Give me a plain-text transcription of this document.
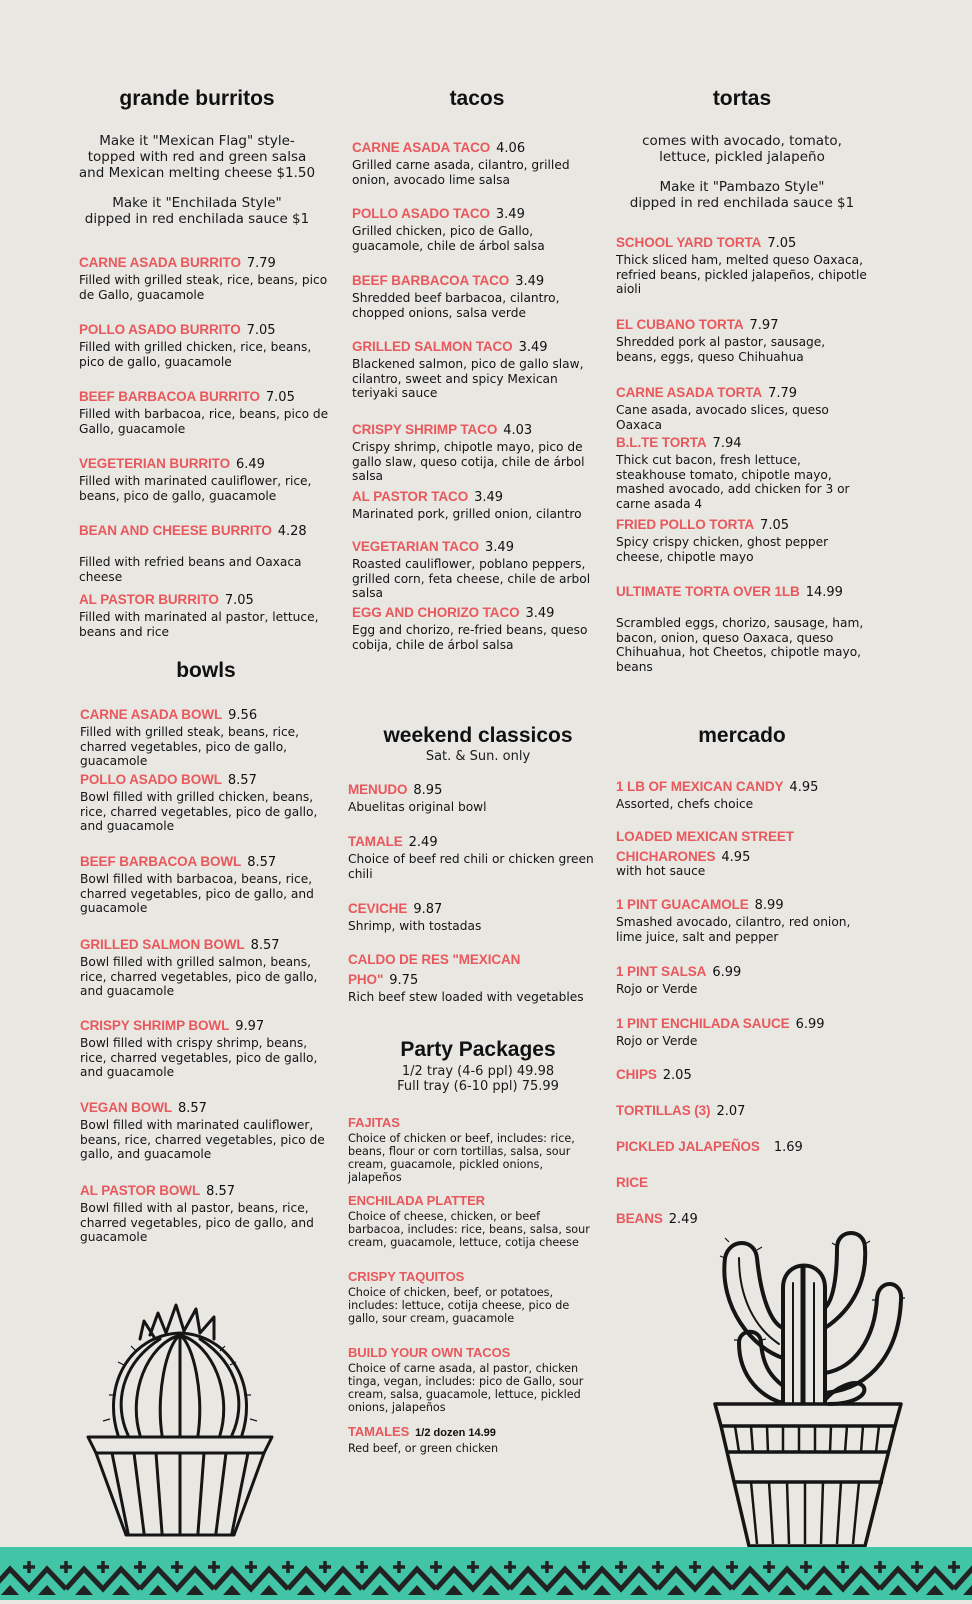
grande burritos
Make it "Mexican Flag" style-
topped with red and green salsa
and Mexican melting cheese $1.50
Make it "Enchilada Style"
dipped in red enchilada sauce $1
CARNE ASADA BURRITO 7.79
Filled with grilled steak, rice, beans, pico de Gallo, guacamole
POLLO ASADO BURRITO 7.05
Filled with grilled chicken, rice, beans, pico de gallo, guacamole
BEEF BARBACOA BURRITO 7.05
Filled with barbacoa, rice, beans, pico de Gallo, guacamole
VEGETERIAN BURRITO 6.49
Filled with marinated cauliflower, rice, beans, pico de gallo, guacamole
BEAN AND CHEESE BURRITO 4.28
Filled with refried beans and Oaxaca cheese
AL PASTOR BURRITO 7.05
Filled with marinated al pastor, lettuce, beans and rice
bowls
CARNE ASADA BOWL 9.56
Filled with grilled steak, beans, rice, charred vegetables, pico de gallo, guacamole
POLLO ASADO BOWL 8.57
Bowl filled with grilled chicken, beans, rice, charred vegetables, pico de gallo, and guacamole
BEEF BARBACOA BOWL 8.57
Bowl filled with barbacoa, beans, rice, charred vegetables, pico de gallo, and guacamole
GRILLED SALMON BOWL 8.57
Bowl filled with grilled salmon, beans, rice, charred vegetables, pico de gallo, and guacamole
CRISPY SHRIMP BOWL 9.97
Bowl filled with crispy shrimp, beans, rice, charred vegetables, pico de gallo, and guacamole
VEGAN BOWL 8.57
Bowl filled with marinated cauliflower, beans, rice, charred vegetables, pico de gallo, and guacamole
AL PASTOR BOWL 8.57
Bowl filled with al pastor, beans, rice, charred vegetables, pico de gallo, and guacamole
tacos
CARNE ASADA TACO 4.06
Grilled carne asada, cilantro, grilled onion, avocado lime salsa
POLLO ASADO TACO 3.49
Grilled chicken, pico de Gallo, guacamole, chile de árbol salsa
BEEF BARBACOA TACO 3.49
Shredded beef barbacoa, cilantro, chopped onions, salsa verde
GRILLED SALMON TACO 3.49
Blackened salmon, pico de gallo slaw, cilantro, sweet and spicy Mexican teriyaki sauce
CRISPY SHRIMP TACO 4.03
Crispy shrimp, chipotle mayo, pico de gallo slaw, queso cotija, chile de árbol salsa
AL PASTOR TACO 3.49
Marinated pork, grilled onion, cilantro
VEGETARIAN TACO 3.49
Roasted cauliflower, poblano peppers, grilled corn, feta cheese, chile de arbol salsa
EGG AND CHORIZO TACO 3.49
Egg and chorizo, re-fried beans, queso cobija, chile de árbol salsa
weekend classicos
Sat. & Sun. only
MENUDO 8.95
Abuelitas original bowl
TAMALE 2.49
Choice of beef red chili or chicken green chili
CEVICHE 9.87
Shrimp, with tostadas
CALDO DE RES "MEXICAN
PHO" 9.75
Rich beef stew loaded with vegetables
Party Packages
1/2 tray (4-6 ppl) 49.98
Full tray (6-10 ppl) 75.99
FAJITAS
Choice of chicken or beef, includes: rice, beans, flour or corn tortillas, salsa, sour cream, guacamole, pickled onions, jalapeños
ENCHILADA PLATTER
Choice of cheese, chicken, or beef barbacoa, includes: rice, beans, salsa, sour cream, guacamole, lettuce, cotija cheese
CRISPY TAQUITOS
Choice of chicken, beef, or potatoes, includes: lettuce, cotija cheese, pico de gallo, sour cream, guacamole
BUILD YOUR OWN TACOS
Choice of carne asada, al pastor, chicken tinga, vegan, includes: pico de Gallo, sour cream, salsa, guacamole, lettuce, pickled onions, jalapeños
TAMALES 1/2 dozen 14.99
Red beef, or green chicken
tortas
comes with avocado, tomato,
lettuce, pickled jalapeño
Make it "Pambazo Style"
dipped in red enchilada sauce $1
SCHOOL YARD TORTA 7.05
Thick sliced ham, melted queso Oaxaca, refried beans, pickled jalapeños, chipotle aioli
EL CUBANO TORTA 7.97
Shredded pork al pastor, sausage, beans, eggs, queso Chihuahua
CARNE ASADA TORTA 7.79
Cane asada, avocado slices, queso Oaxaca
B.L.TE TORTA 7.94
Thick cut bacon, fresh lettuce, steakhouse tomato, chipotle mayo, mashed avocado, add chicken for 3 or carne asada 4
FRIED POLLO TORTA 7.05
Spicy crispy chicken, ghost pepper cheese, chipotle mayo
ULTIMATE TORTA OVER 1LB 14.99
Scrambled eggs, chorizo, sausage, ham, bacon, onion, queso Oaxaca, queso Chihuahua, hot Cheetos, chipotle mayo, beans
mercado
1 LB OF MEXICAN CANDY 4.95
Assorted, chefs choice
LOADED MEXICAN STREET
CHICHARONES 4.95
with hot sauce
1 PINT GUACAMOLE 8.99
Smashed avocado, cilantro, red onion, lime juice, salt and pepper
1 PINT SALSA 6.99
Rojo or Verde
1 PINT ENCHILADA SAUCE 6.99
Rojo or Verde
CHIPS 2.05
TORTILLAS (3) 2.07
PICKLED JALAPEÑOS 1.69
RICE
BEANS 2.49
